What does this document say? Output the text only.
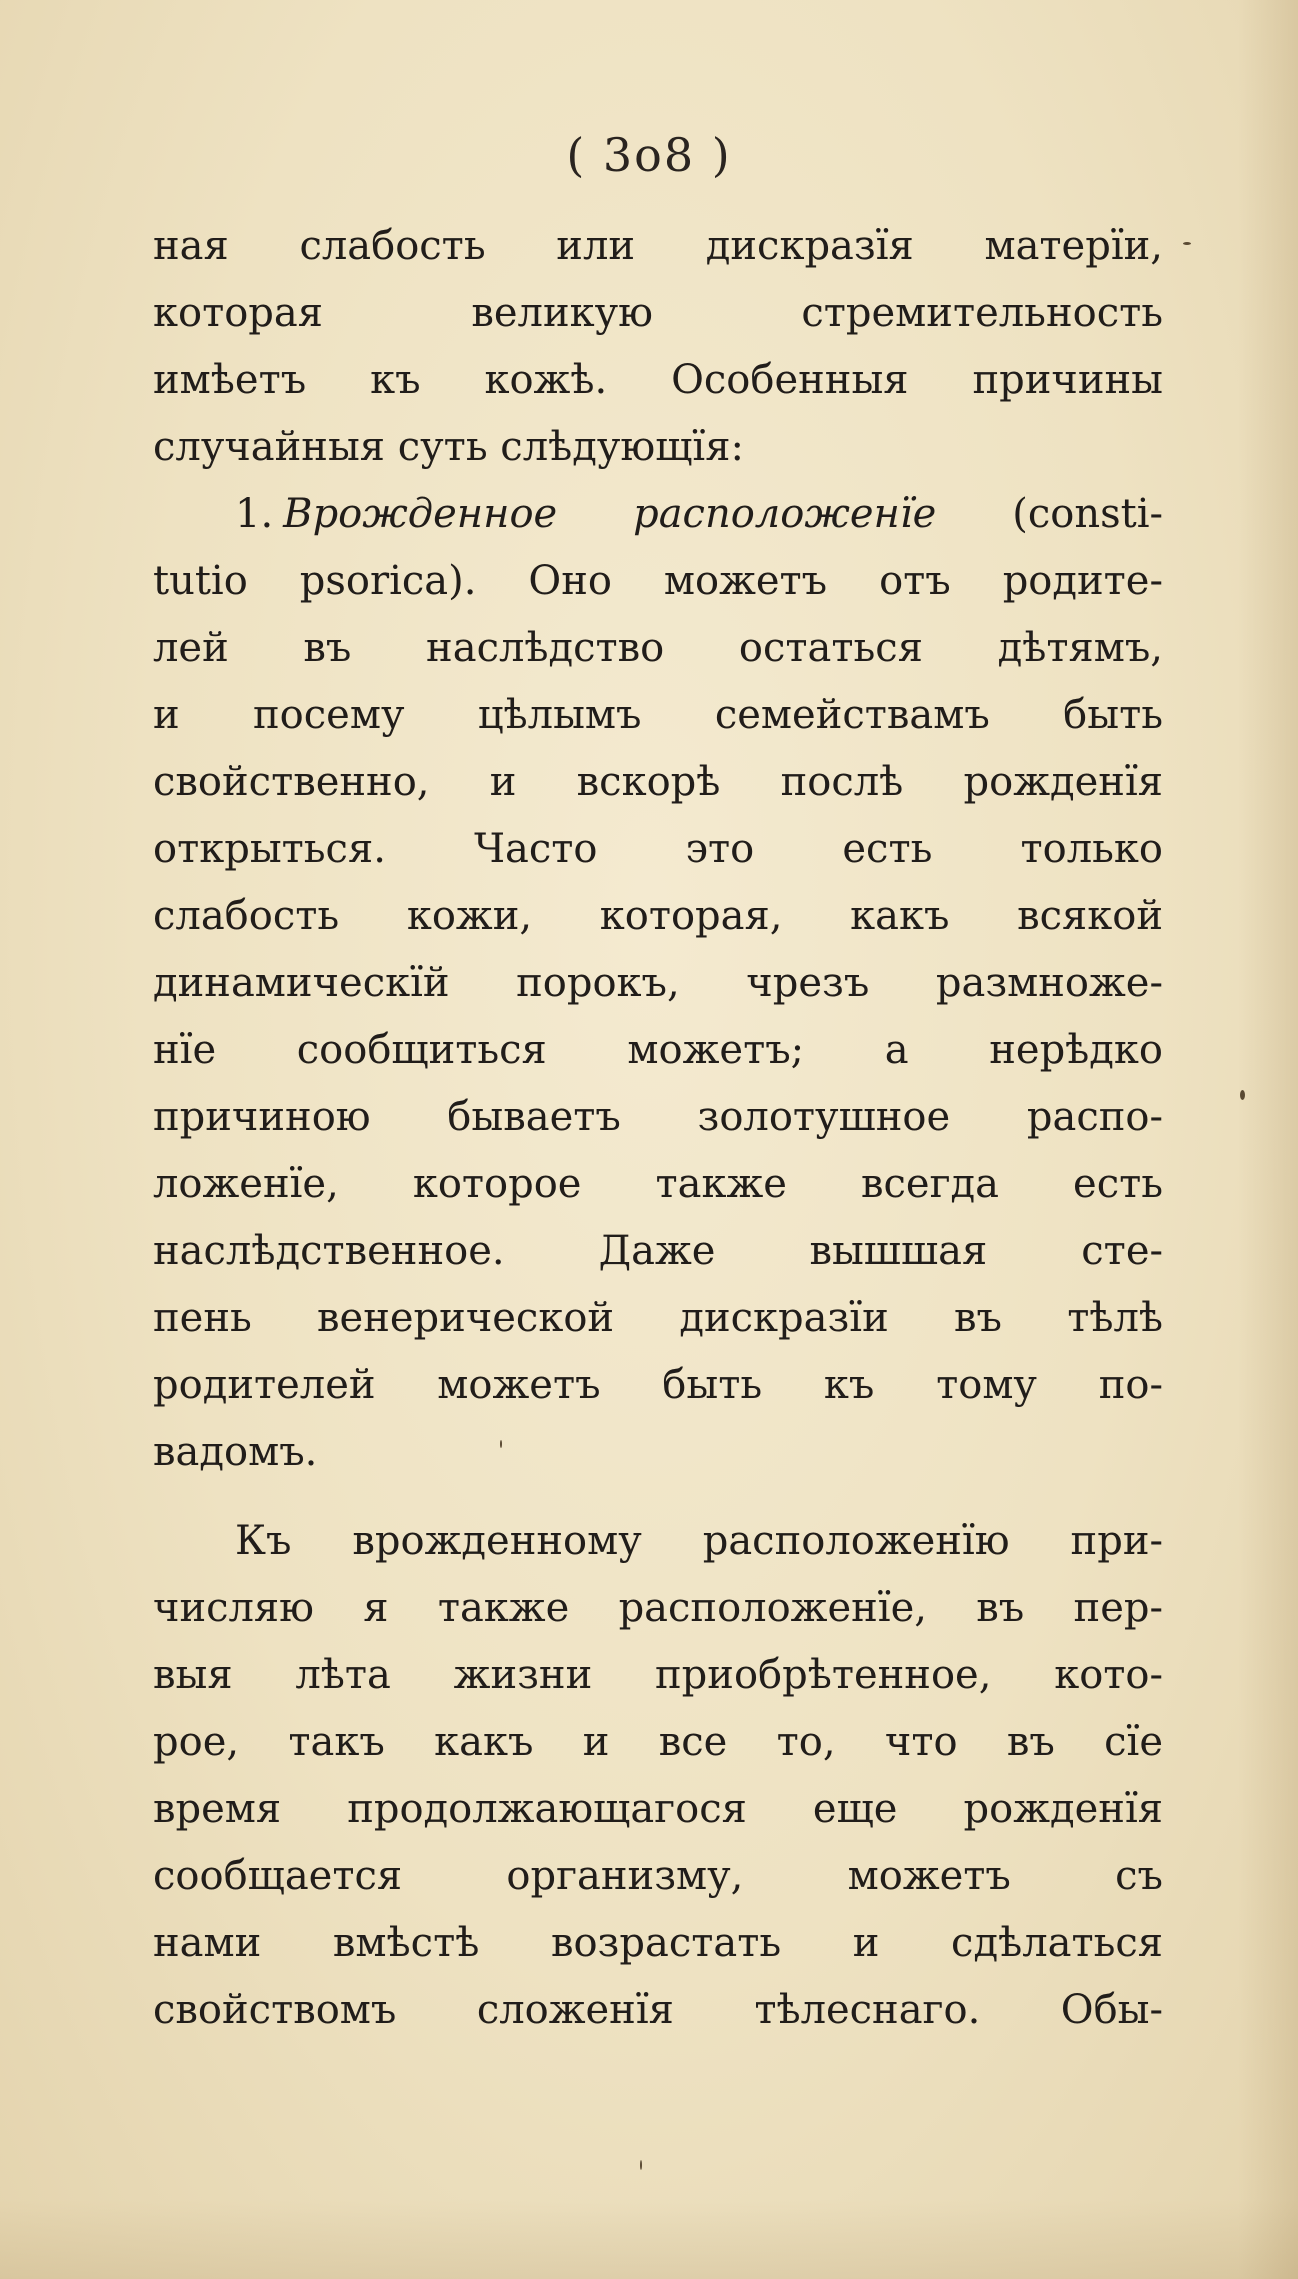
( 3о8 )
ная слабость или дискразїя матерїи,
которая великую стремительность
имѣетъ къ кожѣ. Особенныя причины
случайныя суть слѣдующїя:
1. Врожденное расположенїе (consti-
tutio psorica). Оно можетъ отъ родите-
лей въ наслѣдство остаться дѣтямъ,
и посему цѣлымъ семействамъ быть
свойственно, и вскорѣ послѣ рожденїя
открыться. Часто это есть только
слабость кожи, которая, какъ всякой
динамическїй порокъ, чрезъ размноже-
нїе сообщиться можетъ; а нерѣдко
причиною бываетъ золотушное распо-
ложенїе, которое также всегда есть
наслѣдственное. Даже вышшая сте-
пень венерической дискразїи въ тѣлѣ
родителей можетъ быть къ тому по-
вадомъ.
Къ врожденному расположенїю при-
числяю я также расположенїе, въ пер-
выя лѣта жизни приобрѣтенное, кото-
рое, такъ какъ и все то, что въ сїе
время продолжающагося еще рожденїя
сообщается организму, можетъ съ
нами вмѣстѣ возрастать и сдѣлаться
свойствомъ сложенїя тѣлеснаго. Обы-
